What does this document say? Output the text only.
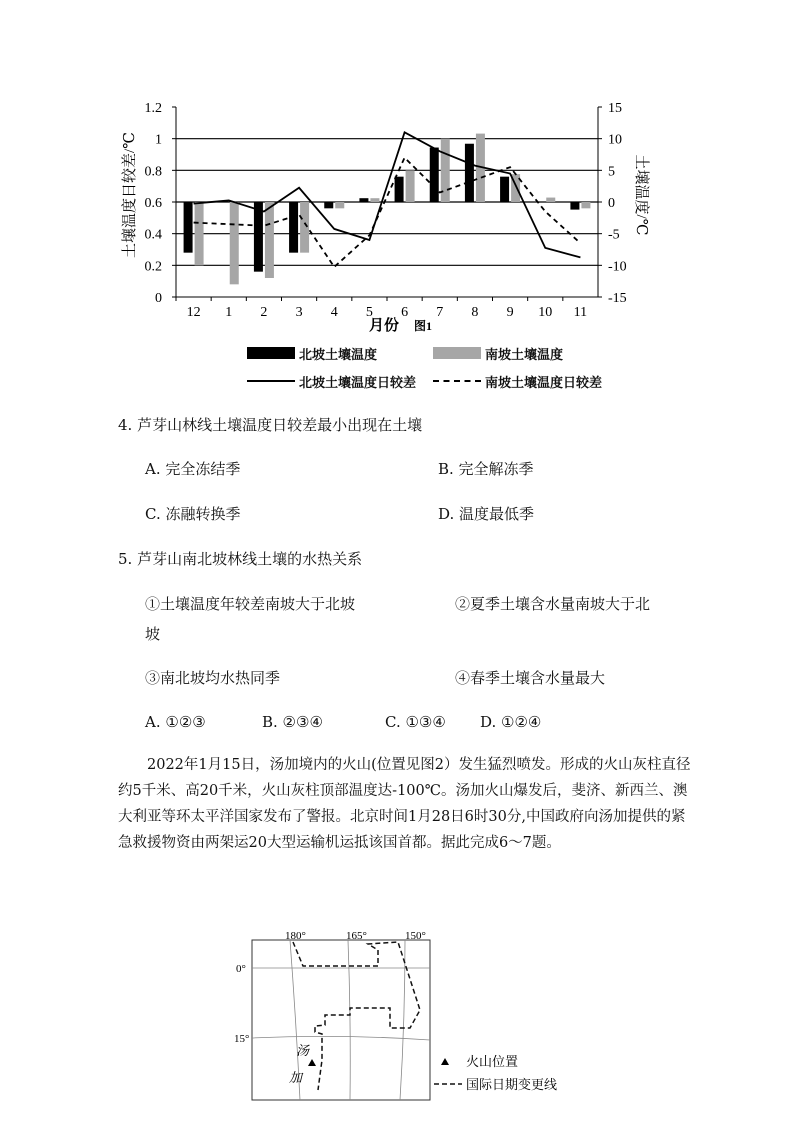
0
0.2
0.4
0.6
0.8
1
1.2
-15
-10
-5
0
5
10
15
12 1 2 3 4 5 6 7 8 9 10 11
土壤温度日较差/℃	土壤温度/℃
月份 图1
北坡土壤温度	南坡土壤温度
北坡土壤温度日较差	南坡土壤温度日较差
4. 芦芽山林线土壤温度日较差最小出现在土壤
A. 完全冻结季	B. 完全解冻季
C. 冻融转换季	D. 温度最低季
5. 芦芽山南北坡林线土壤的水热关系
①土壤温度年较差南坡大于北坡	②夏季土壤含水量南坡大于北
坡
③南北坡均水热同季	④春季土壤含水量最大
A. ①②③	B. ②③④	C. ①③④ D. ①②④

2022年1月15日，汤加境内的火山(位置见图2）发生猛烈喷发。形成的火山灰柱直径约5千米、高20千米，火山灰柱顶部温度达-100℃。汤加火山爆发后，斐济、新西兰、澳大利亚等环太平洋国家发布了警报。北京时间1月28日6时30分,中国政府向汤加提供的紧急救援物资由两架运20大型运输机运抵该国首都。据此完成6～7题。

180°	165°	150°
0°
15°
汤
加
火山位置
国际日期变更线
